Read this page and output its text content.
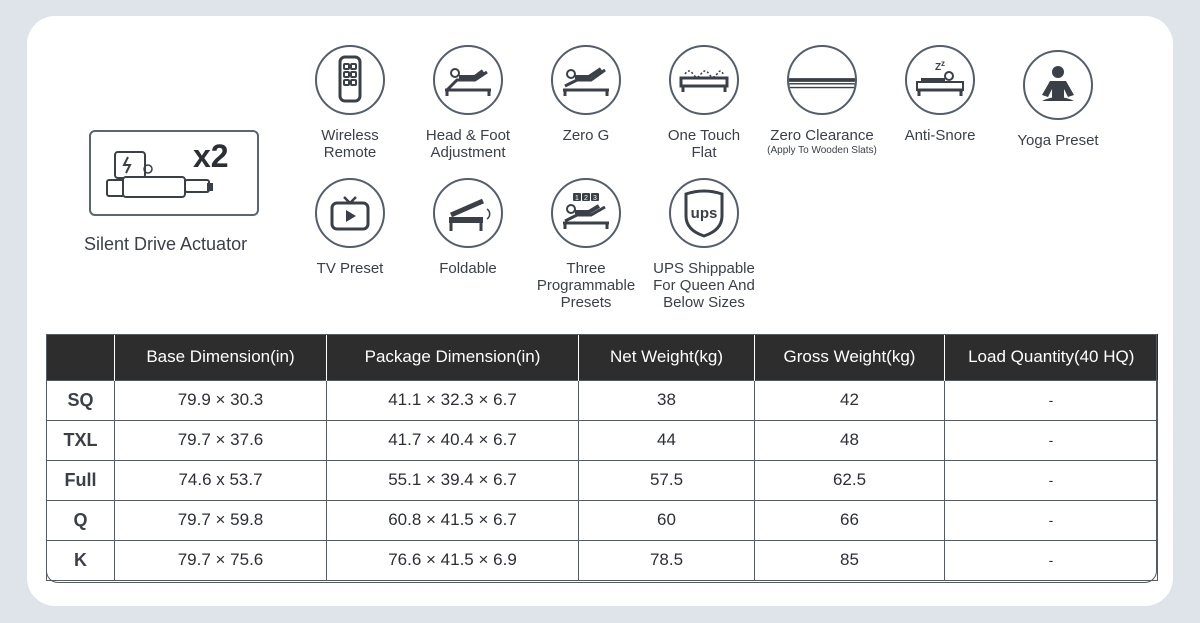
x2
Silent Drive Actuator
Wireless
Remote
Head & Foot
Adjustment
Zero G	One Touch
Flat
Zero Clearance
(Apply To Wooden Slats)
Z z
Anti-Snore	Yoga Preset
TV Preset	Foldable
1 2 3
Three
Programmable
Presets
ups
UPS Shippable
For Queen And
Below Sizes
	Base Dimension(in)	Package Dimension(in)	Net Weight(kg)	Gross Weight(kg)	Load Quantity(40 HQ)
SQ	79.9 × 30.3	41.1 × 32.3 × 6.7	38	42	-
TXL	79.7 × 37.6	41.7 × 40.4 × 6.7	44	48	-
Full	74.6 x 53.7	55.1 × 39.4 × 6.7	57.5	62.5	-
Q	79.7 × 59.8	60.8 × 41.5 × 6.7	60	66	-
K	79.7 × 75.6	76.6 × 41.5 × 6.9	78.5	85	-
